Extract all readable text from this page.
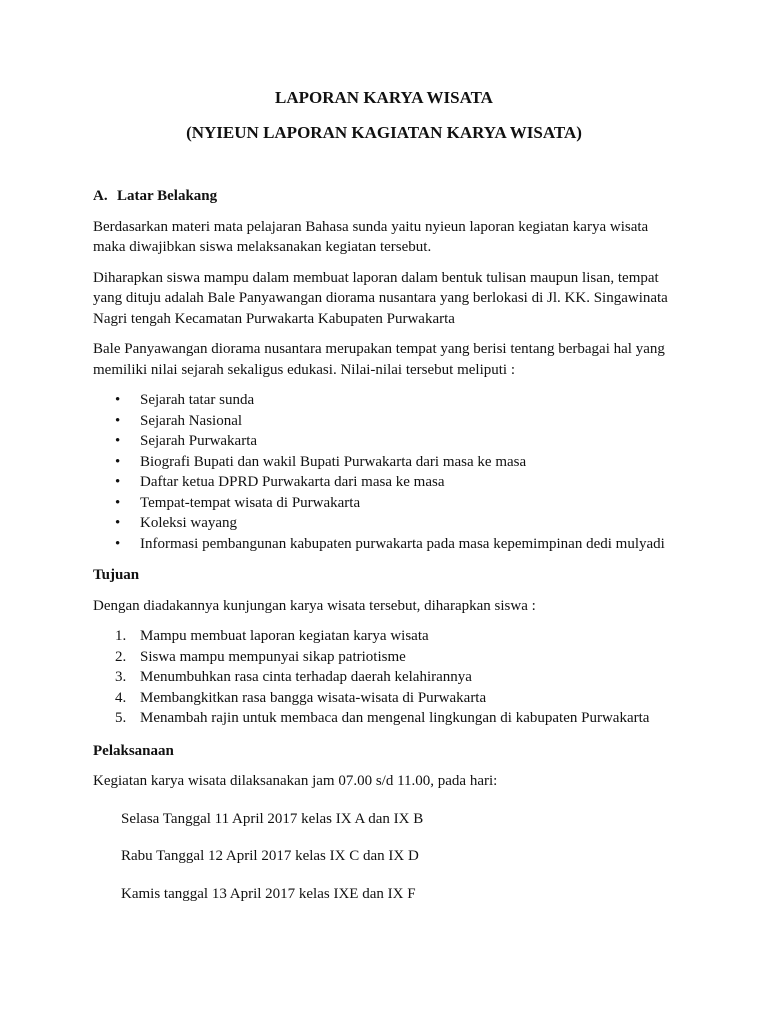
LAPORAN KARYA WISATA

(NYIEUN LAPORAN KAGIATAN KARYA WISATA)

A. Latar Belakang

Berdasarkan materi mata pelajaran Bahasa sunda yaitu nyieun laporan kegiatan karya wisata maka diwajibkan siswa melaksanakan kegiatan tersebut.

Diharapkan siswa mampu dalam membuat laporan dalam bentuk tulisan maupun lisan, tempat yang dituju adalah Bale Panyawangan diorama nusantara yang berlokasi di Jl. KK. Singawinata Nagri tengah Kecamatan Purwakarta Kabupaten Purwakarta

Bale Panyawangan diorama nusantara merupakan tempat yang berisi tentang berbagai hal yang memiliki nilai sejarah sekaligus edukasi. Nilai-nilai tersebut meliputi :

• Sejarah tatar sunda
• Sejarah Nasional
• Sejarah Purwakarta
• Biografi Bupati dan wakil Bupati Purwakarta dari masa ke masa
• Daftar ketua DPRD Purwakarta dari masa ke masa
• Tempat-tempat wisata di Purwakarta
• Koleksi wayang
• Informasi pembangunan kabupaten purwakarta pada masa kepemimpinan dedi mulyadi

Tujuan

Dengan diadakannya kunjungan karya wisata tersebut, diharapkan siswa :

1. Mampu membuat laporan kegiatan karya wisata
2. Siswa mampu mempunyai sikap patriotisme
3. Menumbuhkan rasa cinta terhadap daerah kelahirannya
4. Membangkitkan rasa bangga wisata-wisata di Purwakarta
5. Menambah rajin untuk membaca dan mengenal lingkungan di kabupaten Purwakarta

Pelaksanaan

Kegiatan karya wisata dilaksanakan jam 07.00 s/d 11.00, pada hari:

Selasa Tanggal 11 April 2017 kelas IX A dan IX B

Rabu Tanggal 12 April 2017 kelas IX C dan IX D

Kamis tanggal 13 April 2017 kelas IXE dan IX F
